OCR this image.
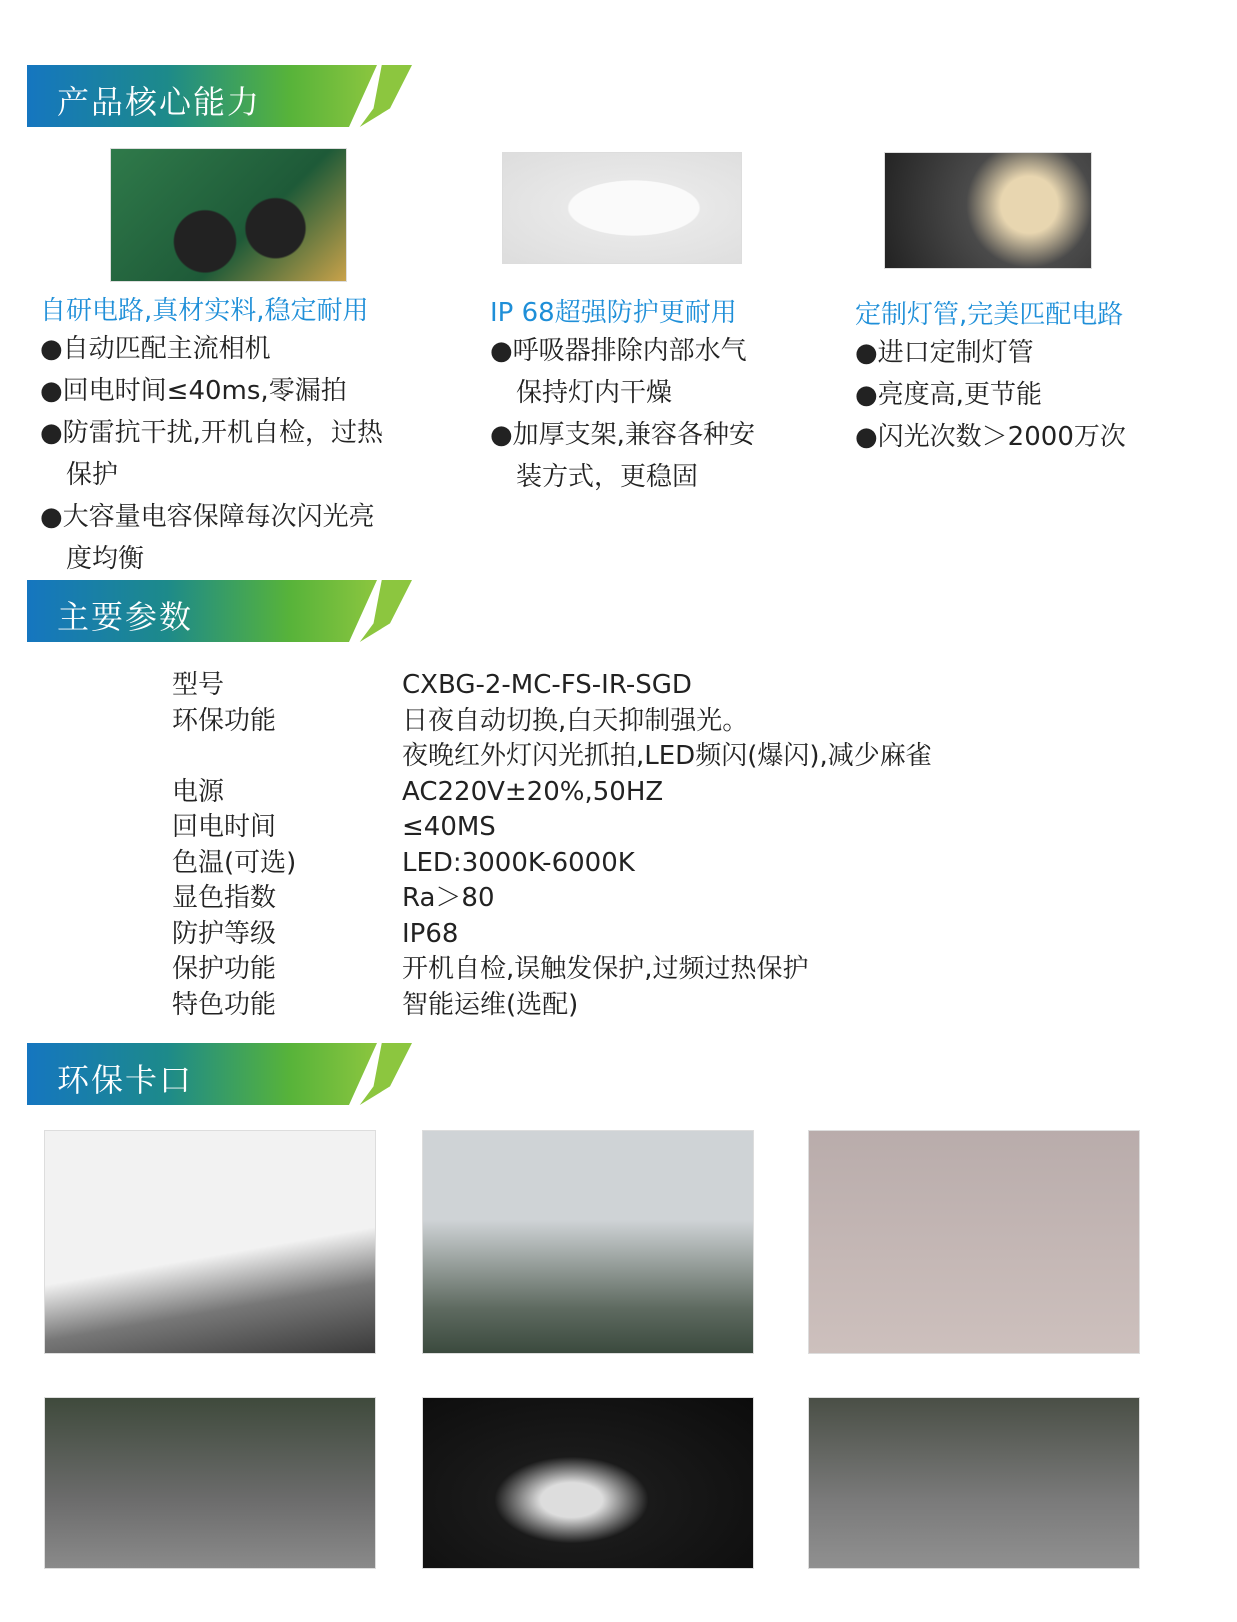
产品核心能力
主要参数
环保卡口
自研电路,真材实料,稳定耐用	IP 68超强防护更耐用	定制灯管,完美匹配电路
●自动匹配主流相机
●回电时间≤40ms,零漏拍
●防雷抗干扰,开机自检，过热
　保护
●大容量电容保障每次闪光亮
　度均衡
●呼吸器排除内部水气
　保持灯内干燥
●加厚支架,兼容各种安
　装方式，更稳固
●进口定制灯管
●亮度高,更节能
●闪光次数＞2000万次
型号	CXBG-2-MC-FS-IR-SGD
环保功能	日夜自动切换,白天抑制强光。
夜晚红外灯闪光抓拍,LED频闪(爆闪),减少麻雀
电源	AC220V±20%,50HZ
回电时间	≤40MS
色温(可选)	LED:3000K-6000K
显色指数	Ra＞80
防护等级	IP68
保护功能	开机自检,误触发保护,过频过热保护
特色功能	智能运维(选配)
